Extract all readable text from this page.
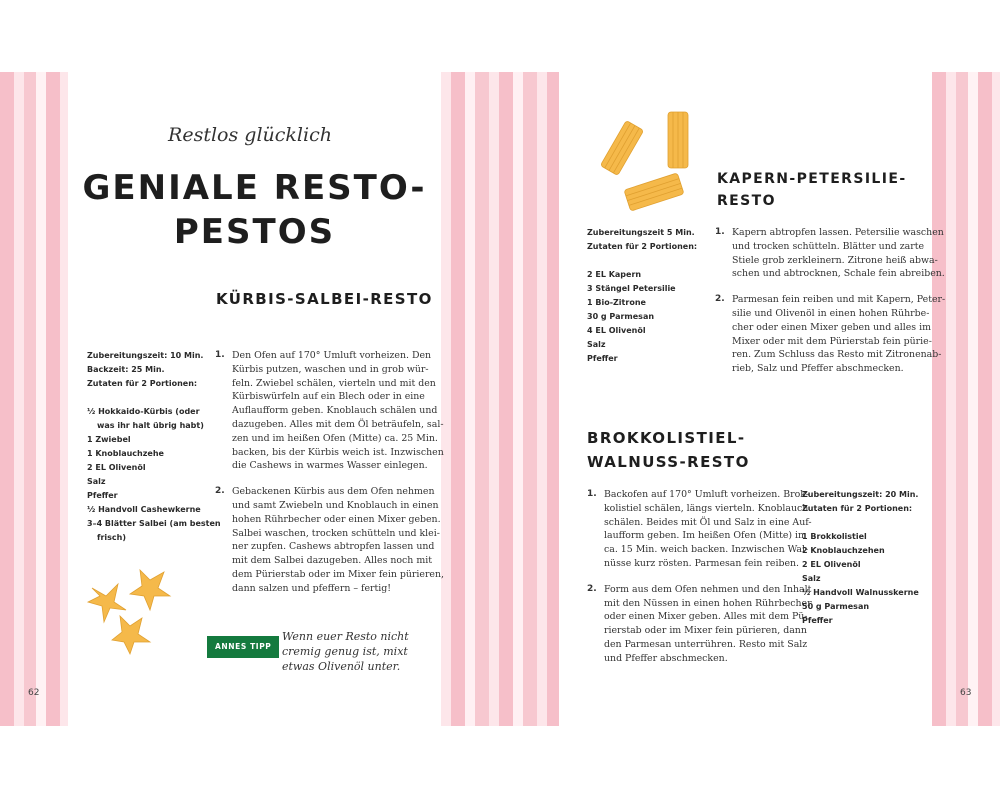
Restlos glücklich
GENIALE RESTO-
PESTOS
KÜRBIS-SALBEI-RESTO
Zubereitungszeit: 10 Min.
Backzeit: 25 Min.
Zutaten für 2 Portionen:
½ Hokkaido-Kürbis (oder
was ihr halt übrig habt)
1 Zwiebel
1 Knoblauchzehe
2 EL Olivenöl
Salz
Pfeffer
½ Handvoll Cashewkerne
3–4 Blätter Salbei (am besten
frisch)
1. Den Ofen auf 170° Umluft vorheizen. Den
Kürbis putzen, waschen und in grob wür-
feln. Zwiebel schälen, vierteln und mit den
Kürbiswürfeln auf ein Blech oder in eine
Auflaufform geben. Knoblauch schälen und
dazugeben. Alles mit dem Öl beträufeln, sal-
zen und im heißen Ofen (Mitte) ca. 25 Min.
backen, bis der Kürbis weich ist. Inzwischen
die Cashews in warmes Wasser einlegen.
2. Gebackenen Kürbis aus dem Ofen nehmen
und samt Zwiebeln und Knoblauch in einen
hohen Rührbecher oder einen Mixer geben.
Salbei waschen, trocken schütteln und klei-
ner zupfen. Cashews abtropfen lassen und
mit dem Salbei dazugeben. Alles noch mit
dem Pürierstab oder im Mixer fein pürieren,
dann salzen und pfeffern – fertig!
ANNES TIPP
Wenn euer Resto nicht
cremig genug ist, mixt
etwas Olivenöl unter.
62
KAPERN-PETERSILIE-
RESTO
Zubereitungszeit 5 Min.
Zutaten für 2 Portionen:
2 EL Kapern
3 Stängel Petersilie
1 Bio-Zitrone
30 g Parmesan
4 EL Olivenöl
Salz
Pfeffer
1. Kapern abtropfen lassen. Petersilie waschen
und trocken schütteln. Blätter und zarte
Stiele grob zerkleinern. Zitrone heiß abwa-
schen und abtrocknen, Schale fein abreiben.
2. Parmesan fein reiben und mit Kapern, Peter-
silie und Olivenöl in einen hohen Rührbe-
cher oder einen Mixer geben und alles im
Mixer oder mit dem Pürierstab fein püriе-
ren. Zum Schluss das Resto mit Zitronenab-
rieb, Salz und Pfeffer abschmecken.
BROKKOLISTIEL-
WALNUSS-RESTO
1. Backofen auf 170° Umluft vorheizen. Brok-
kolistiel schälen, längs vierteln. Knoblauch
schälen. Beides mit Öl und Salz in eine Auf-
laufform geben. Im heißen Ofen (Mitte) in
ca. 15 Min. weich backen. Inzwischen Wal-
nüsse kurz rösten. Parmesan fein reiben.
2. Form aus dem Ofen nehmen und den Inhalt
mit den Nüssen in einen hohen Rührbecher
oder einen Mixer geben. Alles mit dem Pü-
rierstab oder im Mixer fein pürieren, dann
den Parmesan unterrühren. Resto mit Salz
und Pfeffer abschmecken.
Zubereitungszeit: 20 Min.
Zutaten für 2 Portionen:
1 Brokkolistiel
2 Knoblauchzehen
2 EL Olivenöl
Salz
½ Handvoll Walnusskerne
50 g Parmesan
Pfeffer
63
